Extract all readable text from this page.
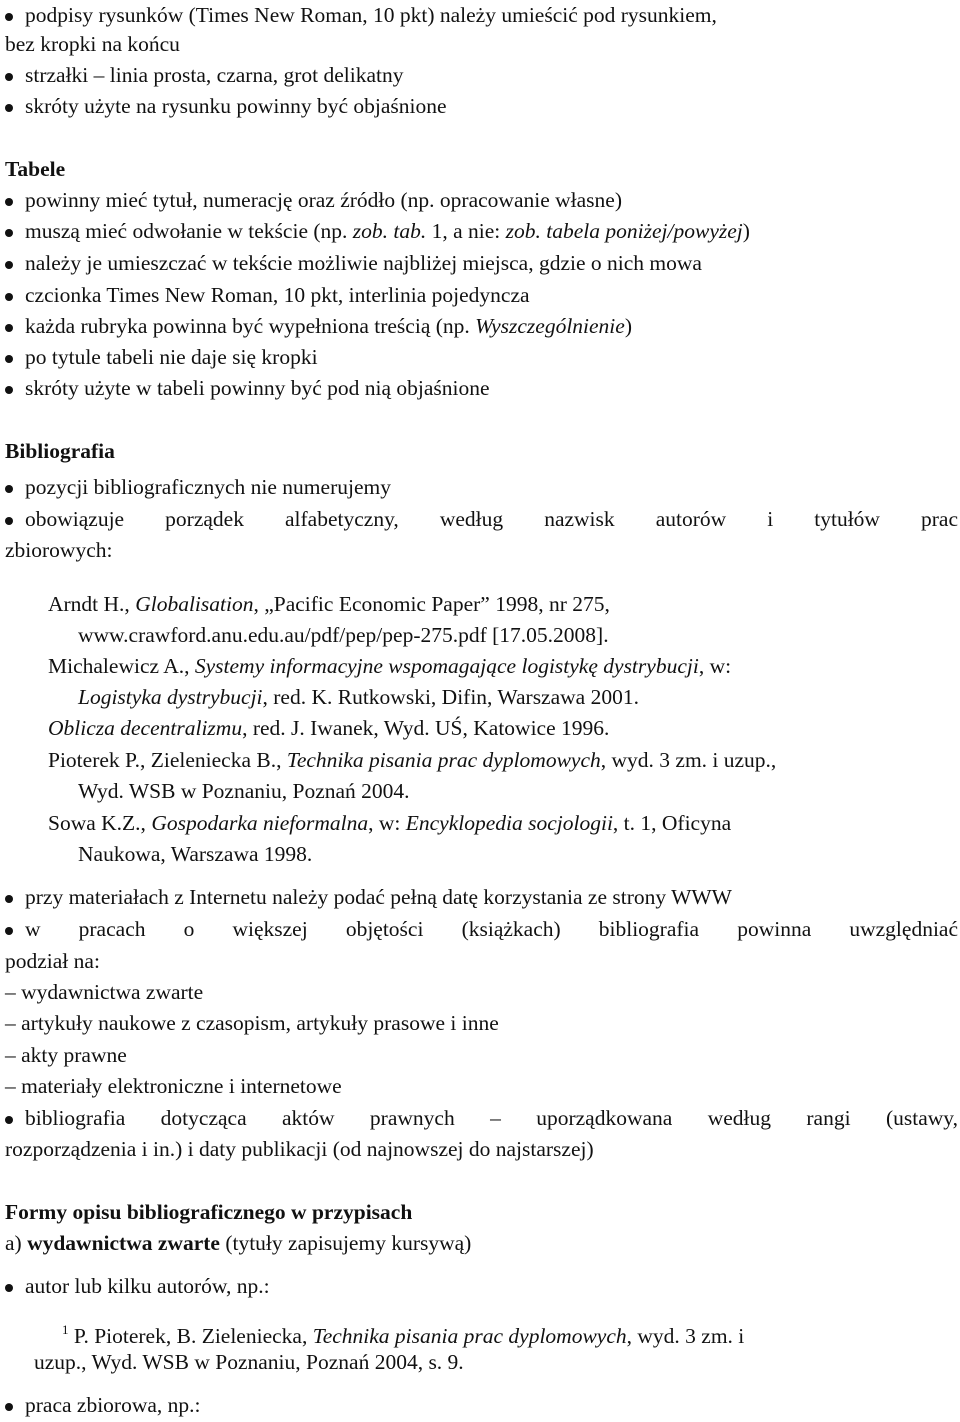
podpisy rysunków (Times New Roman, 10 pkt) należy umieścić pod rysunkiem,
bez kropki na końcu
strzałki – linia prosta, czarna, grot delikatny
skróty użyte na rysunku powinny być objaśnione
Tabele
powinny mieć tytuł, numerację oraz źródło (np. opracowanie własne)
muszą mieć odwołanie w tekście (np. zob. tab. 1, a nie: zob. tabela poniżej/powyżej)
należy je umieszczać w tekście możliwie najbliżej miejsca, gdzie o nich mowa
czcionka Times New Roman, 10 pkt, interlinia pojedyncza
każda rubryka powinna być wypełniona treścią (np. Wyszczególnienie)
po tytule tabeli nie daje się kropki
skróty użyte w tabeli powinny być pod nią objaśnione
Bibliografia
pozycji bibliograficznych nie numerujemy
obowiązuje porządek alfabetyczny, według nazwisk autorów i tytułów prac
zbiorowych:
Arndt H., Globalisation, „Pacific Economic Paper” 1998, nr 275,
www.crawford.anu.edu.au/pdf/pep/pep-275.pdf [17.05.2008].
Michalewicz A., Systemy informacyjne wspomagające logistykę dystrybucji, w:
Logistyka dystrybucji, red. K. Rutkowski, Difin, Warszawa 2001.
Oblicza decentralizmu, red. J. Iwanek, Wyd. UŚ, Katowice 1996.
Pioterek P., Zieleniecka B., Technika pisania prac dyplomowych, wyd. 3 zm. i uzup.,
Wyd. WSB w Poznaniu, Poznań 2004.
Sowa K.Z., Gospodarka nieformalna, w: Encyklopedia socjologii, t. 1, Oficyna
Naukowa, Warszawa 1998.
przy materiałach z Internetu należy podać pełną datę korzystania ze strony WWW
w pracach o większej objętości (książkach) bibliografia powinna uwzględniać
podział na:
– wydawnictwa zwarte
– artykuły naukowe z czasopism, artykuły prasowe i inne
– akty prawne
– materiały elektroniczne i internetowe
bibliografia dotycząca aktów prawnych – uporządkowana według rangi (ustawy,
rozporządzenia i in.) i daty publikacji (od najnowszej do najstarszej)
Formy opisu bibliograficznego w przypisach
a) wydawnictwa zwarte (tytuły zapisujemy kursywą)
autor lub kilku autorów, np.:
$^1$ P. Pioterek, B. Zieleniecka, Technika pisania prac dyplomowych, wyd. 3 zm. i
uzup., Wyd. WSB w Poznaniu, Poznań 2004, s. 9.
praca zbiorowa, np.:
